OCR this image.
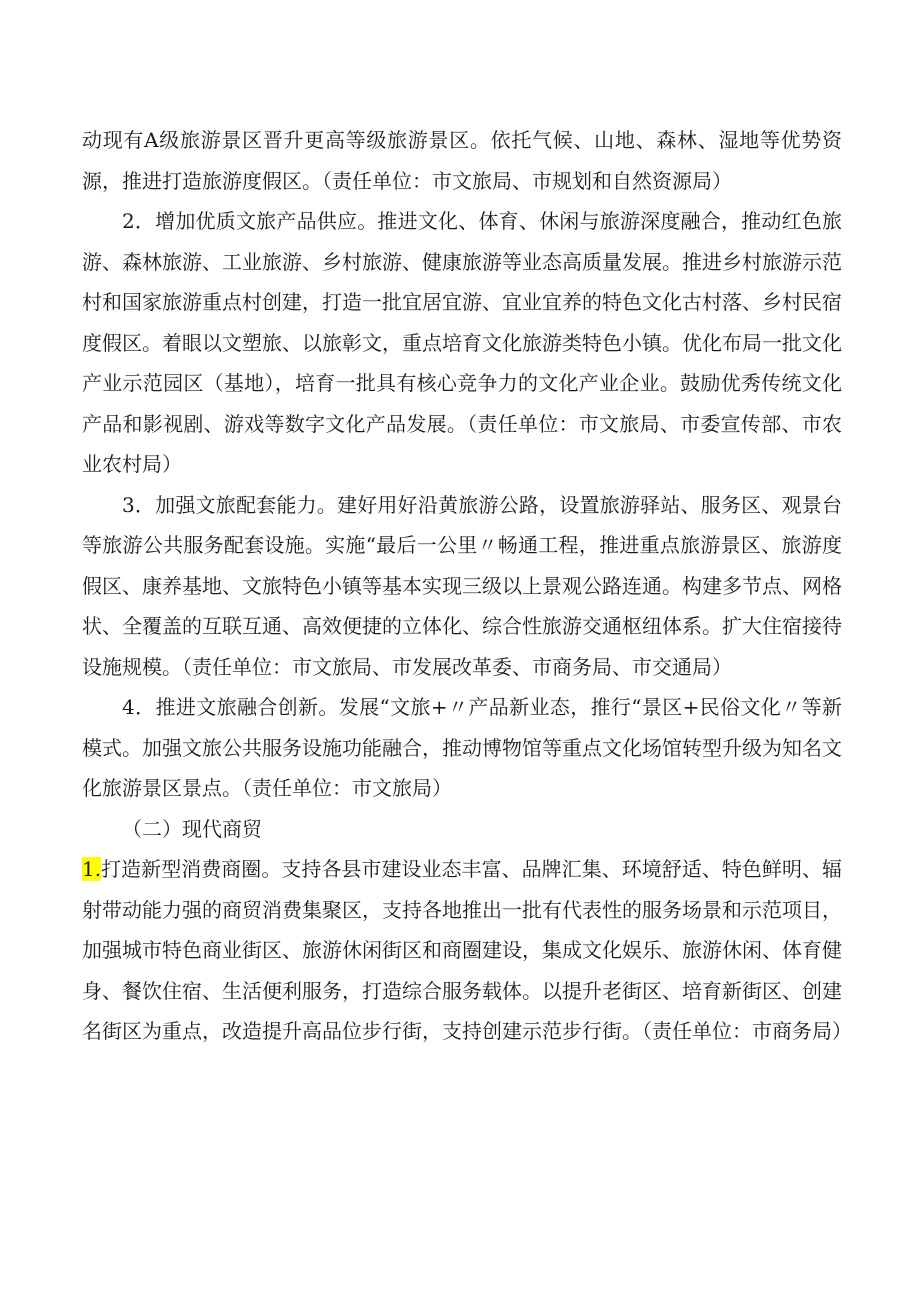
动现有A级旅游景区晋升更高等级旅游景区。依托气候、山地、森林、湿地等优势资源，推进打造旅游度假区。（责任单位：市文旅局、市规划和自然资源局）

2．增加优质文旅产品供应。推进文化、体育、休闲与旅游深度融合，推动红色旅游、森林旅游、工业旅游、乡村旅游、健康旅游等业态高质量发展。推进乡村旅游示范村和国家旅游重点村创建，打造一批宜居宜游、宜业宜养的特色文化古村落、乡村民宿度假区。着眼以文塑旅、以旅彰文，重点培育文化旅游类特色小镇。优化布局一批文化产业示范园区（基地），培育一批具有核心竞争力的文化产业企业。鼓励优秀传统文化产品和影视剧、游戏等数字文化产品发展。（责任单位：市文旅局、市委宣传部、市农业农村局）

3．加强文旅配套能力。建好用好沿黄旅游公路，设置旅游驿站、服务区、观景台等旅游公共服务配套设施。实施“最后一公里〃畅通工程，推进重点旅游景区、旅游度假区、康养基地、文旅特色小镇等基本实现三级以上景观公路连通。构建多节点、网格状、全覆盖的互联互通、高效便捷的立体化、综合性旅游交通枢纽体系。扩大住宿接待设施规模。（责任单位：市文旅局、市发展改革委、市商务局、市交通局）

4．推进文旅融合创新。发展“文旅+〃产品新业态，推行“景区+民俗文化〃等新模式。加强文旅公共服务设施功能融合，推动博物馆等重点文化场馆转型升级为知名文化旅游景区景点。（责任单位：市文旅局）

（二）现代商贸

1.打造新型消费商圈。支持各县市建设业态丰富、品牌汇集、环境舒适、特色鲜明、辐射带动能力强的商贸消费集聚区，支持各地推出一批有代表性的服务场景和示范项目，加强城市特色商业街区、旅游休闲街区和商圈建设，集成文化娱乐、旅游休闲、体育健身、餐饮住宿、生活便利服务，打造综合服务载体。以提升老街区、培育新街区、创建名街区为重点，改造提升高品位步行街，支持创建示范步行街。（责任单位：市商务局）
